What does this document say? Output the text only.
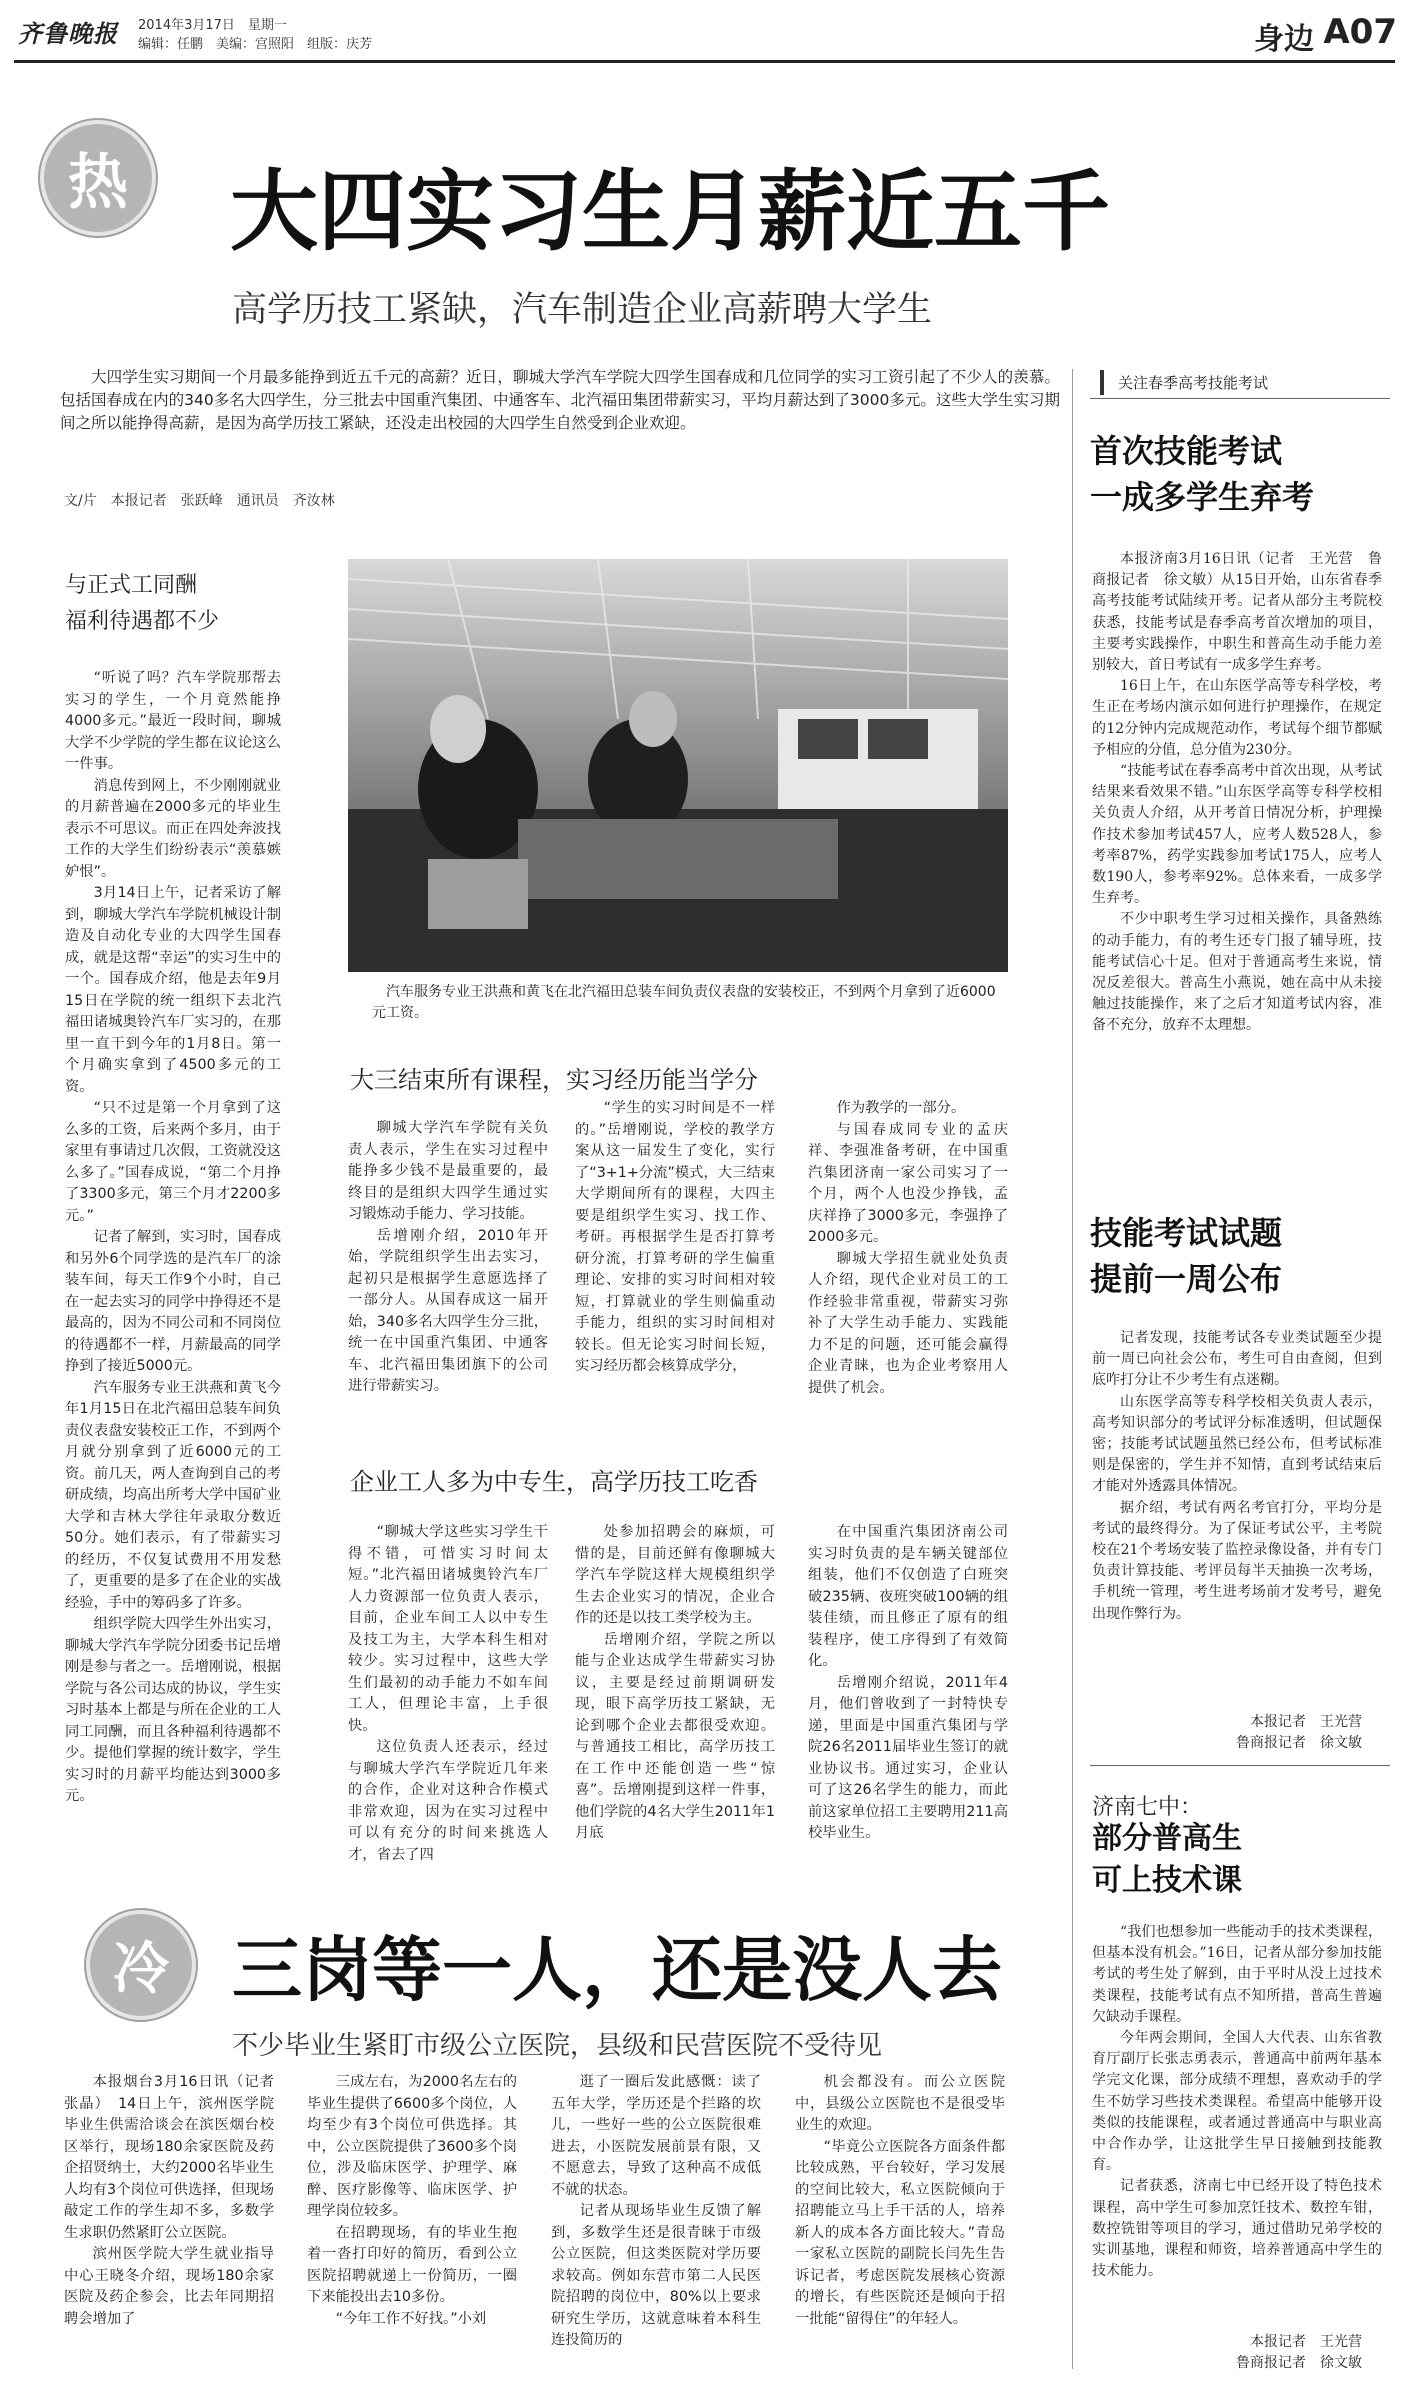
齐鲁晚报 2014年3月17日　星期一
编辑：任鹏　美编：宫照阳　组版：庆芳	身边 A07
热	大四实习生月薪近五千
高学历技工紧缺，汽车制造企业高薪聘大学生
大四学生实习期间一个月最多能挣到近五千元的高薪？近日，聊城大学汽车学院大四学生国春成和几位同学的实习工资引起了不少人的羡慕。包括国春成在内的340多名大四学生，分三批去中国重汽集团、中通客车、北汽福田集团带薪实习，平均月薪达到了3000多元。这些大学生实习期间之所以能挣得高薪，是因为高学历技工紧缺，还没走出校园的大四学生自然受到企业欢迎。
文/片　本报记者　张跃峰　通讯员　齐汝林
与正式工同酬
福利待遇都不少

“听说了吗？汽车学院那帮去实习的学生，一个月竟然能挣4000多元。”最近一段时间，聊城大学不少学院的学生都在议论这么一件事。

消息传到网上，不少刚刚就业的月薪普遍在2000多元的毕业生表示不可思议。而正在四处奔波找工作的大学生们纷纷表示“羡慕嫉妒恨”。

3月14日上午，记者采访了解到，聊城大学汽车学院机械设计制造及自动化专业的大四学生国春成，就是这帮“幸运”的实习生中的一个。国春成介绍，他是去年9月15日在学院的统一组织下去北汽福田诸城奥铃汽车厂实习的，在那里一直干到今年的1月8日。第一个月确实拿到了4500多元的工资。

“只不过是第一个月拿到了这么多的工资，后来两个多月，由于家里有事请过几次假，工资就没这么多了。”国春成说，“第二个月挣了3300多元，第三个月才2200多元。”

记者了解到，实习时，国春成和另外6个同学选的是汽车厂的涂装车间，每天工作9个小时，自己在一起去实习的同学中挣得还不是最高的，因为不同公司和不同岗位的待遇都不一样，月薪最高的同学挣到了接近5000元。

汽车服务专业王洪燕和黄飞今年1月15日在北汽福田总装车间负责仪表盘安装校正工作，不到两个月就分别拿到了近6000元的工资。前几天，两人查询到自己的考研成绩，均高出所考大学中国矿业大学和吉林大学往年录取分数近50分。她们表示，有了带薪实习的经历，不仅复试费用不用发愁了，更重要的是多了在企业的实战经验，手中的筹码多了许多。

组织学院大四学生外出实习，聊城大学汽车学院分团委书记岳增刚是参与者之一。岳增刚说，根据学院与各公司达成的协议，学生实习时基本上都是与所在企业的工人同工同酬，而且各种福利待遇都不少。提他们掌握的统计数字，学生实习时的月薪平均能达到3000多元。

汽车服务专业王洪燕和黄飞在北汽福田总装车间负责仪表盘的安装校正，不到两个月拿到了近6000元工资。
大三结束所有课程，实习经历能当学分

聊城大学汽车学院有关负责人表示，学生在实习过程中能挣多少钱不是最重要的，最终目的是组织大四学生通过实习锻炼动手能力、学习技能。

岳增刚介绍，2010年开始，学院组织学生出去实习，起初只是根据学生意愿选择了一部分人。从国春成这一届开始，340多名大四学生分三批，统一在中国重汽集团、中通客车、北汽福田集团旗下的公司进行带薪实习。

“学生的实习时间是不一样的。”岳增刚说，学校的教学方案从这一届发生了变化，实行了“3+1+分流”模式，大三结束大学期间所有的课程，大四主要是组织学生实习、找工作、考研。再根据学生是否打算考研分流，打算考研的学生偏重理论、安排的实习时间相对较短，打算就业的学生则偏重动手能力，组织的实习时间相对较长。但无论实习时间长短，实习经历都会核算成学分，

作为教学的一部分。

与国春成同专业的孟庆祥、李强准备考研，在中国重汽集团济南一家公司实习了一个月，两个人也没少挣钱，孟庆祥挣了3000多元，李强挣了2000多元。

聊城大学招生就业处负责人介绍，现代企业对员工的工作经验非常重视，带薪实习弥补了大学生动手能力、实践能力不足的问题，还可能会赢得企业青睐，也为企业考察用人提供了机会。

企业工人多为中专生，高学历技工吃香

“聊城大学这些实习学生干得不错，可惜实习时间太短。”北汽福田诸城奥铃汽车厂人力资源部一位负责人表示，目前，企业车间工人以中专生及技工为主，大学本科生相对较少。实习过程中，这些大学生们最初的动手能力不如车间工人，但理论丰富，上手很快。

这位负责人还表示，经过与聊城大学汽车学院近几年来的合作，企业对这种合作模式非常欢迎，因为在实习过程中可以有充分的时间来挑选人才，省去了四

处参加招聘会的麻烦，可惜的是，目前还鲜有像聊城大学汽车学院这样大规模组织学生去企业实习的情况，企业合作的还是以技工类学校为主。

岳增刚介绍，学院之所以能与企业达成学生带薪实习协议，主要是经过前期调研发现，眼下高学历技工紧缺，无论到哪个企业去都很受欢迎。与普通技工相比，高学历技工在工作中还能创造一些“惊喜”。岳增刚提到这样一件事，他们学院的4名大学生2011年1月底

在中国重汽集团济南公司实习时负责的是车辆关键部位组装，他们不仅创造了白班突破235辆、夜班突破100辆的组装佳绩，而且修正了原有的组装程序，使工序得到了有效简化。

岳增刚介绍说，2011年4月，他们曾收到了一封特快专递，里面是中国重汽集团与学院26名2011届毕业生签订的就业协议书。通过实习，企业认可了这26名学生的能力，而此前这家单位招工主要聘用211高校毕业生。

冷 三岗等一人，还是没人去
不少毕业生紧盯市级公立医院，县级和民营医院不受待见

本报烟台3月16日讯（记者　张晶）　14日上午，滨州医学院毕业生供需洽谈会在滨医烟台校区举行，现场180余家医院及药企招贤纳士，大约2000名毕业生人均有3个岗位可供选择，但现场敲定工作的学生却不多，多数学生求职仍然紧盯公立医院。

滨州医学院大学生就业指导中心王晓冬介绍，现场180余家医院及药企参会，比去年同期招聘会增加了

三成左右，为2000名左右的毕业生提供了6600多个岗位，人均至少有3个岗位可供选择。其中，公立医院提供了3600多个岗位，涉及临床医学、护理学、麻醉、医疗影像等、临床医学、护理学岗位较多。

在招聘现场，有的毕业生抱着一沓打印好的简历，看到公立医院招聘就递上一份简历，一圈下来能投出去10多份。

“今年工作不好找。”小刘

逛了一圈后发此感慨：读了五年大学，学历还是个拦路的坎儿，一些好一些的公立医院很难进去，小医院发展前景有限，又不愿意去，导致了这种高不成低不就的状态。

记者从现场毕业生反馈了解到，多数学生还是很青睐于市级公立医院，但这类医院对学历要求较高。例如东营市第二人民医院招聘的岗位中，80%以上要求研究生学历，这就意味着本科生连投简历的

机会都没有。而公立医院中，县级公立医院也不是很受毕业生的欢迎。

“毕竟公立医院各方面条件都比较成熟，平台较好，学习发展的空间比较大，私立医院倾向于招聘能立马上手干活的人，培养新人的成本各方面比较大。”青岛一家私立医院的副院长闫先生告诉记者，考虑医院发展核心资源的增长，有些医院还是倾向于招一批能“留得住”的年轻人。

关注春季高考技能考试
首次技能考试
一成多学生弃考

本报济南3月16日讯（记者　王光营　鲁商报记者　徐文敏）从15日开始，山东省春季高考技能考试陆续开考。记者从部分主考院校获悉，技能考试是春季高考首次增加的项目，主要考实践操作，中职生和普高生动手能力差别较大，首日考试有一成多学生弃考。

16日上午，在山东医学高等专科学校，考生正在考场内演示如何进行护理操作，在规定的12分钟内完成规范动作，考试每个细节都赋予相应的分值，总分值为230分。

“技能考试在春季高考中首次出现，从考试结果来看效果不错。”山东医学高等专科学校相关负责人介绍，从开考首日情况分析，护理操作技术参加考试457人，应考人数528人，参考率87%，药学实践参加考试175人，应考人数190人，参考率92%。总体来看，一成多学生弃考。

不少中职考生学习过相关操作，具备熟练的动手能力，有的考生还专门报了辅导班，技能考试信心十足。但对于普通高考生来说，情况反差很大。普高生小燕说，她在高中从未接触过技能操作，来了之后才知道考试内容，准备不充分，放弃不太理想。

技能考试试题
提前一周公布

记者发现，技能考试各专业类试题至少提前一周已向社会公布，考生可自由查阅，但到底咋打分让不少考生有点迷糊。

山东医学高等专科学校相关负责人表示，高考知识部分的考试评分标准透明，但试题保密；技能考试试题虽然已经公布，但考试标准则是保密的，学生并不知情，直到考试结束后才能对外透露具体情况。

据介绍，考试有两名考官打分，平均分是考试的最终得分。为了保证考试公平，主考院校在21个考场安装了监控录像设备，并有专门负责计算技能、考评员每半天抽换一次考场，手机统一管理，考生进考场前才发考号，避免出现作弊行为。

本报记者　王光营
鲁商报记者　徐文敏
济南七中：
部分普高生
可上技术课

“我们也想参加一些能动手的技术类课程，但基本没有机会。”16日，记者从部分参加技能考试的考生处了解到，由于平时从没上过技术类课程，技能考试有点不知所措，普高生普遍欠缺动手课程。

今年两会期间，全国人大代表、山东省教育厅副厅长张志勇表示，普通高中前两年基本学完文化课，部分成绩不理想，喜欢动手的学生不妨学习些技术类课程。希望高中能够开设类似的技能课程，或者通过普通高中与职业高中合作办学，让这批学生早日接触到技能教育。

记者获悉，济南七中已经开设了特色技术课程，高中学生可参加烹饪技术、数控车钳，数控铣钳等项目的学习，通过借助兄弟学校的实训基地，课程和师资，培养普通高中学生的技术能力。

本报记者　王光营
鲁商报记者　徐文敏
